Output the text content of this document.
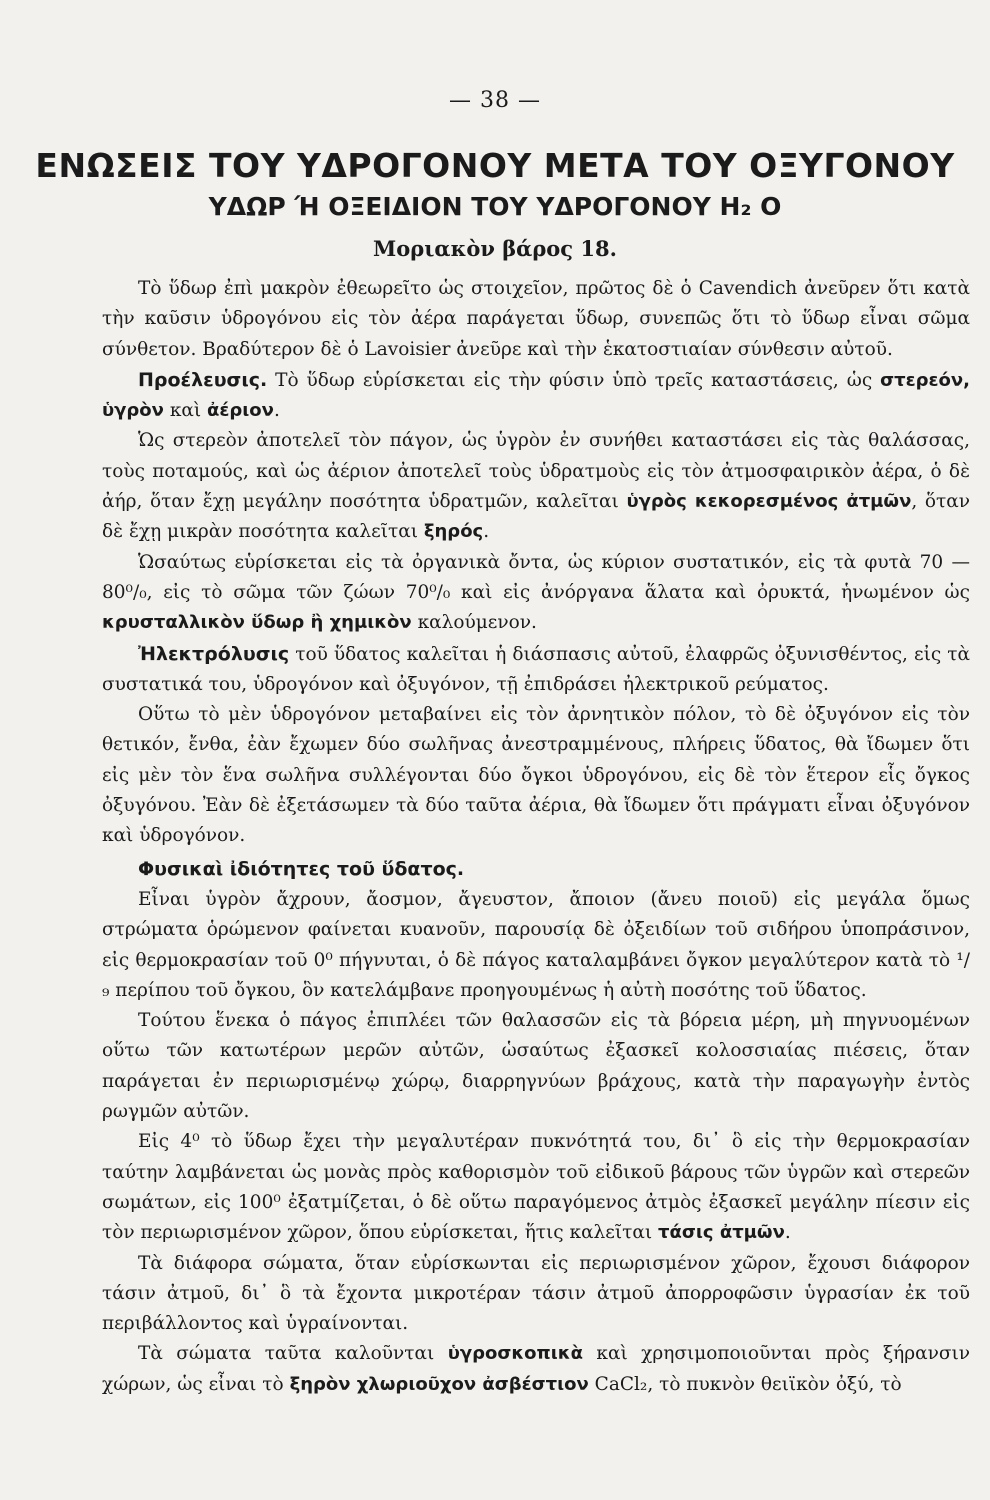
— 38 —
ΕΝΩΣΕΙΣ ΤΟΥ ΥΔΡΟΓΟΝΟΥ ΜΕΤΑ ΤΟΥ ΟΞΥΓΟΝΟΥ
ΥΔΩΡ Ή ΟΞΕΙΔΙΟΝ ΤΟΥ ΥΔΡΟΓΟΝΟΥ H₂ O
Μοριακὸν βάρος 18.

Τὸ ὕδωρ ἐπὶ μακρὸν ἐθεωρεῖτο ὡς στοιχεῖον, πρῶτος δὲ ὁ Cavendich ἀνεῦρεν ὅτι κατὰ τὴν καῦσιν ὑδρογόνου εἰς τὸν ἀέρα παράγεται ὕδωρ, συνεπῶς ὅτι τὸ ὕδωρ εἶναι σῶμα σύνθετον. Βραδύτερον δὲ ὁ Lavoisier ἀνεῦρε καὶ τὴν ἑκατοστιαίαν σύνθεσιν αὐτοῦ.

Προέλευσις. Τὸ ὕδωρ εὑρίσκεται εἰς τὴν φύσιν ὑπὸ τρεῖς καταστάσεις, ὡς στερεόν, ὑγρὸν καὶ ἀέριον.

Ὡς στερεὸν ἀποτελεῖ τὸν πάγον, ὡς ὑγρὸν ἐν συνήθει καταστάσει εἰς τὰς θαλάσσας, τοὺς ποταμούς, καὶ ὡς ἀέριον ἀποτελεῖ τοὺς ὑδρατμοὺς εἰς τὸν ἀτμοσφαιρικὸν ἀέρα, ὁ δὲ ἀήρ, ὅταν ἔχῃ μεγάλην ποσότητα ὑδρατμῶν, καλεῖται ὑγρὸς κεκορεσμένος ἀτμῶν, ὅταν δὲ ἔχῃ μικρὰν ποσότητα καλεῖται ξηρός.

Ὡσαύτως εὑρίσκεται εἰς τὰ ὀργανικὰ ὄντα, ὡς κύριον συστατικόν, εἰς τὰ φυτὰ 70 — 80⁰/₀, εἰς τὸ σῶμα τῶν ζώων 70⁰/₀ καὶ εἰς ἀνόργανα ἅλατα καὶ ὀρυκτά, ἡνωμένον ὡς κρυσταλλικὸν ὕδωρ ἢ χημικὸν καλούμενον.

Ἠλεκτρόλυσις τοῦ ὕδατος καλεῖται ἡ διάσπασις αὐτοῦ, ἐλαφρῶς ὀξυνισθέντος, εἰς τὰ συστατικά του, ὑδρογόνον καὶ ὀξυγόνον, τῇ ἐπιδράσει ἠλεκτρικοῦ ρεύματος.

Οὕτω τὸ μὲν ὑδρογόνον μεταβαίνει εἰς τὸν ἀρνητικὸν πόλον, τὸ δὲ ὀξυγόνον εἰς τὸν θετικόν, ἔνθα, ἐὰν ἔχωμεν δύο σωλῆνας ἀνεστραμμένους, πλήρεις ὕδατος, θὰ ἴδωμεν ὅτι εἰς μὲν τὸν ἕνα σωλῆνα συλλέγονται δύο ὄγκοι ὑδρογόνου, εἰς δὲ τὸν ἕτερον εἷς ὄγκος ὀξυγόνου. Ἐὰν δὲ ἐξετάσωμεν τὰ δύο ταῦτα ἀέρια, θὰ ἴδωμεν ὅτι πράγματι εἶναι ὀξυγόνον καὶ ὑδρογόνον.

Φυσικαὶ ἰδιότητες τοῦ ὕδατος.

Εἶναι ὑγρὸν ἄχρουν, ἄοσμον, ἄγευστον, ἄποιον (ἄνευ ποιοῦ) εἰς μεγάλα ὅμως στρώματα ὁρώμενον φαίνεται κυανοῦν, παρουσίᾳ δὲ ὀξειδίων τοῦ σιδήρου ὑποπράσινον, εἰς θερμοκρασίαν τοῦ 0⁰ πήγνυται, ὁ δὲ πάγος καταλαμβάνει ὄγκον μεγαλύτερον κατὰ τὸ ¹/₉ περίπου τοῦ ὄγκου, ὃν κατελάμβανε προηγουμένως ἡ αὐτὴ ποσότης τοῦ ὕδατος.

Τούτου ἕνεκα ὁ πάγος ἐπιπλέει τῶν θαλασσῶν εἰς τὰ βόρεια μέρη, μὴ πηγνυομένων οὕτω τῶν κατωτέρων μερῶν αὐτῶν, ὡσαύτως ἐξασκεῖ κολοσσιαίας πιέσεις, ὅταν παράγεται ἐν περιωρισμένῳ χώρῳ, διαρρηγνύων βράχους, κατὰ τὴν παραγωγὴν ἐντὸς ρωγμῶν αὐτῶν.

Εἰς 4⁰ τὸ ὕδωρ ἔχει τὴν μεγαλυτέραν πυκνότητά του, δι᾽ ὃ εἰς τὴν θερμοκρασίαν ταύτην λαμβάνεται ὡς μονὰς πρὸς καθορισμὸν τοῦ εἰδικοῦ βάρους τῶν ὑγρῶν καὶ στερεῶν σωμάτων, εἰς 100⁰ ἐξατμίζεται, ὁ δὲ οὕτω παραγόμενος ἀτμὸς ἐξασκεῖ μεγάλην πίεσιν εἰς τὸν περιωρισμένον χῶρον, ὅπου εὑρίσκεται, ἥτις καλεῖται τάσις ἀτμῶν.

Τὰ διάφορα σώματα, ὅταν εὑρίσκωνται εἰς περιωρισμένον χῶρον, ἔχουσι διάφορον τάσιν ἀτμοῦ, δι᾽ ὃ τὰ ἔχοντα μικροτέραν τάσιν ἀτμοῦ ἀπορροφῶσιν ὑγρασίαν ἐκ τοῦ περιβάλλοντος καὶ ὑγραίνονται.

Τὰ σώματα ταῦτα καλοῦνται ὑγροσκοπικὰ καὶ χρησιμοποιοῦνται πρὸς ξήρανσιν χώρων, ὡς εἶναι τὸ ξηρὸν χλωριοῦχον ἀσβέστιον CaCl₂, τὸ πυκνὸν θειϊκὸν ὀξύ, τὸ
